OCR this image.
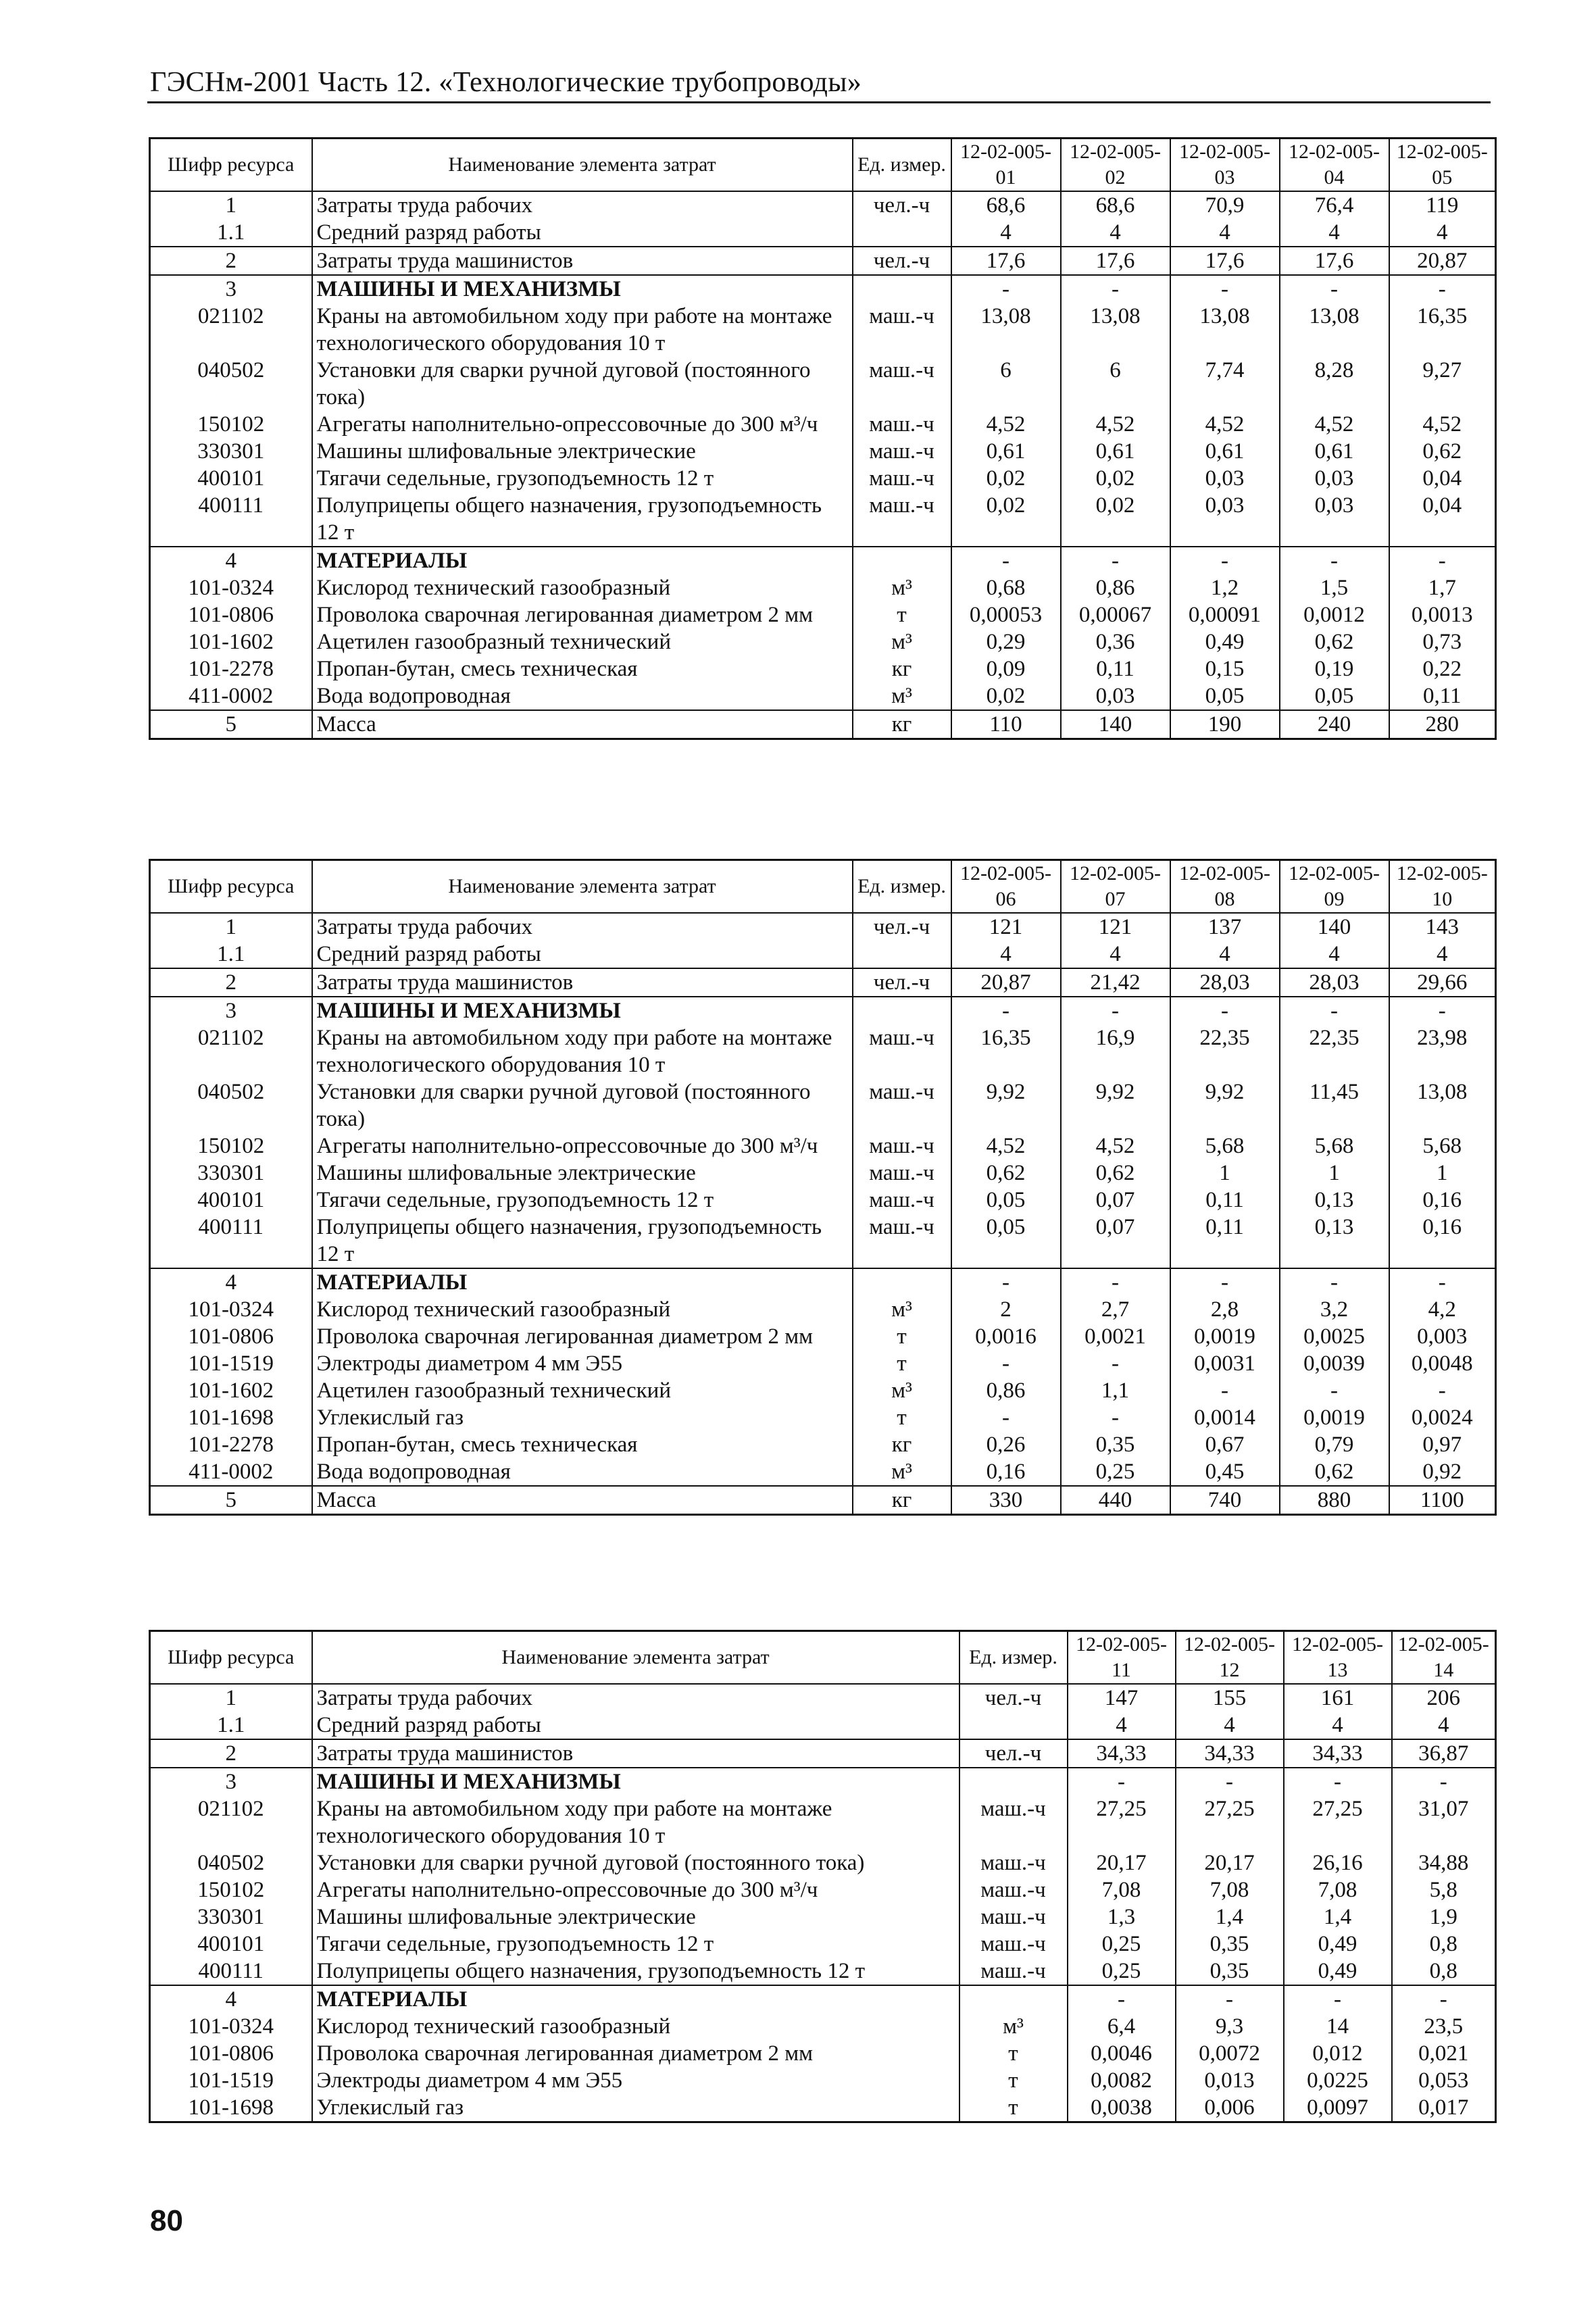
ГЭСНм-2001 Часть 12. «Технологические трубопроводы»
Шифр ресурса	Наименование элемента затрат	Ед. измер.	12-02-005-01	12-02-005-02	12-02-005-03	12-02-005-04	12-02-005-05
1	Затраты труда рабочих	чел.-ч	68,6	68,6	70,9	76,4	119
1.1	Средний разряд работы		4	4	4	4	4
2	Затраты труда машинистов	чел.-ч	17,6	17,6	17,6	17,6	20,87
3	МАШИНЫ И МЕХАНИЗМЫ		-	-	-	-	-
021102	Краны на автомобильном ходу при работе на монтаже технологического оборудования 10 т	маш.-ч	13,08	13,08	13,08	13,08	16,35
040502	Установки для сварки ручной дуговой (постоянного тока)	маш.-ч	6	6	7,74	8,28	9,27
150102	Агрегаты наполнительно-опрессовочные до 300 м³/ч	маш.-ч	4,52	4,52	4,52	4,52	4,52
330301	Машины шлифовальные электрические	маш.-ч	0,61	0,61	0,61	0,61	0,62
400101	Тягачи седельные, грузоподъемность 12 т	маш.-ч	0,02	0,02	0,03	0,03	0,04
400111	Полуприцепы общего назначения, грузоподъемность 12 т	маш.-ч	0,02	0,02	0,03	0,03	0,04
4	МАТЕРИАЛЫ		-	-	-	-	-
101-0324	Кислород технический газообразный	м³	0,68	0,86	1,2	1,5	1,7
101-0806	Проволока сварочная легированная диаметром 2 мм	т	0,00053	0,00067	0,00091	0,0012	0,0013
101-1602	Ацетилен газообразный технический	м³	0,29	0,36	0,49	0,62	0,73
101-2278	Пропан-бутан, смесь техническая	кг	0,09	0,11	0,15	0,19	0,22
411-0002	Вода водопроводная	м³	0,02	0,03	0,05	0,05	0,11
5	Масса	кг	110	140	190	240	280
Шифр ресурса	Наименование элемента затрат	Ед. измер.	12-02-005-06	12-02-005-07	12-02-005-08	12-02-005-09	12-02-005-10
1	Затраты труда рабочих	чел.-ч	121	121	137	140	143
1.1	Средний разряд работы		4	4	4	4	4
2	Затраты труда машинистов	чел.-ч	20,87	21,42	28,03	28,03	29,66
3	МАШИНЫ И МЕХАНИЗМЫ		-	-	-	-	-
021102	Краны на автомобильном ходу при работе на монтаже технологического оборудования 10 т	маш.-ч	16,35	16,9	22,35	22,35	23,98
040502	Установки для сварки ручной дуговой (постоянного тока)	маш.-ч	9,92	9,92	9,92	11,45	13,08
150102	Агрегаты наполнительно-опрессовочные до 300 м³/ч	маш.-ч	4,52	4,52	5,68	5,68	5,68
330301	Машины шлифовальные электрические	маш.-ч	0,62	0,62	1	1	1
400101	Тягачи седельные, грузоподъемность 12 т	маш.-ч	0,05	0,07	0,11	0,13	0,16
400111	Полуприцепы общего назначения, грузоподъемность 12 т	маш.-ч	0,05	0,07	0,11	0,13	0,16
4	МАТЕРИАЛЫ		-	-	-	-	-
101-0324	Кислород технический газообразный	м³	2	2,7	2,8	3,2	4,2
101-0806	Проволока сварочная легированная диаметром 2 мм	т	0,0016	0,0021	0,0019	0,0025	0,003
101-1519	Электроды диаметром 4 мм Э55	т	-	-	0,0031	0,0039	0,0048
101-1602	Ацетилен газообразный технический	м³	0,86	1,1	-	-	-
101-1698	Углекислый газ	т	-	-	0,0014	0,0019	0,0024
101-2278	Пропан-бутан, смесь техническая	кг	0,26	0,35	0,67	0,79	0,97
411-0002	Вода водопроводная	м³	0,16	0,25	0,45	0,62	0,92
5	Масса	кг	330	440	740	880	1100
Шифр ресурса	Наименование элемента затрат	Ед. измер.	12-02-005-11	12-02-005-12	12-02-005-13	12-02-005-14
1	Затраты труда рабочих	чел.-ч	147	155	161	206
1.1	Средний разряд работы		4	4	4	4
2	Затраты труда машинистов	чел.-ч	34,33	34,33	34,33	36,87
3	МАШИНЫ И МЕХАНИЗМЫ		-	-	-	-
021102	Краны на автомобильном ходу при работе на монтаже технологического оборудования 10 т	маш.-ч	27,25	27,25	27,25	31,07
040502	Установки для сварки ручной дуговой (постоянного тока)	маш.-ч	20,17	20,17	26,16	34,88
150102	Агрегаты наполнительно-опрессовочные до 300 м³/ч	маш.-ч	7,08	7,08	7,08	5,8
330301	Машины шлифовальные электрические	маш.-ч	1,3	1,4	1,4	1,9
400101	Тягачи седельные, грузоподъемность 12 т	маш.-ч	0,25	0,35	0,49	0,8
400111	Полуприцепы общего назначения, грузоподъемность 12 т	маш.-ч	0,25	0,35	0,49	0,8
4	МАТЕРИАЛЫ		-	-	-	-
101-0324	Кислород технический газообразный	м³	6,4	9,3	14	23,5
101-0806	Проволока сварочная легированная диаметром 2 мм	т	0,0046	0,0072	0,012	0,021
101-1519	Электроды диаметром 4 мм Э55	т	0,0082	0,013	0,0225	0,053
101-1698	Углекислый газ	т	0,0038	0,006	0,0097	0,017
80
